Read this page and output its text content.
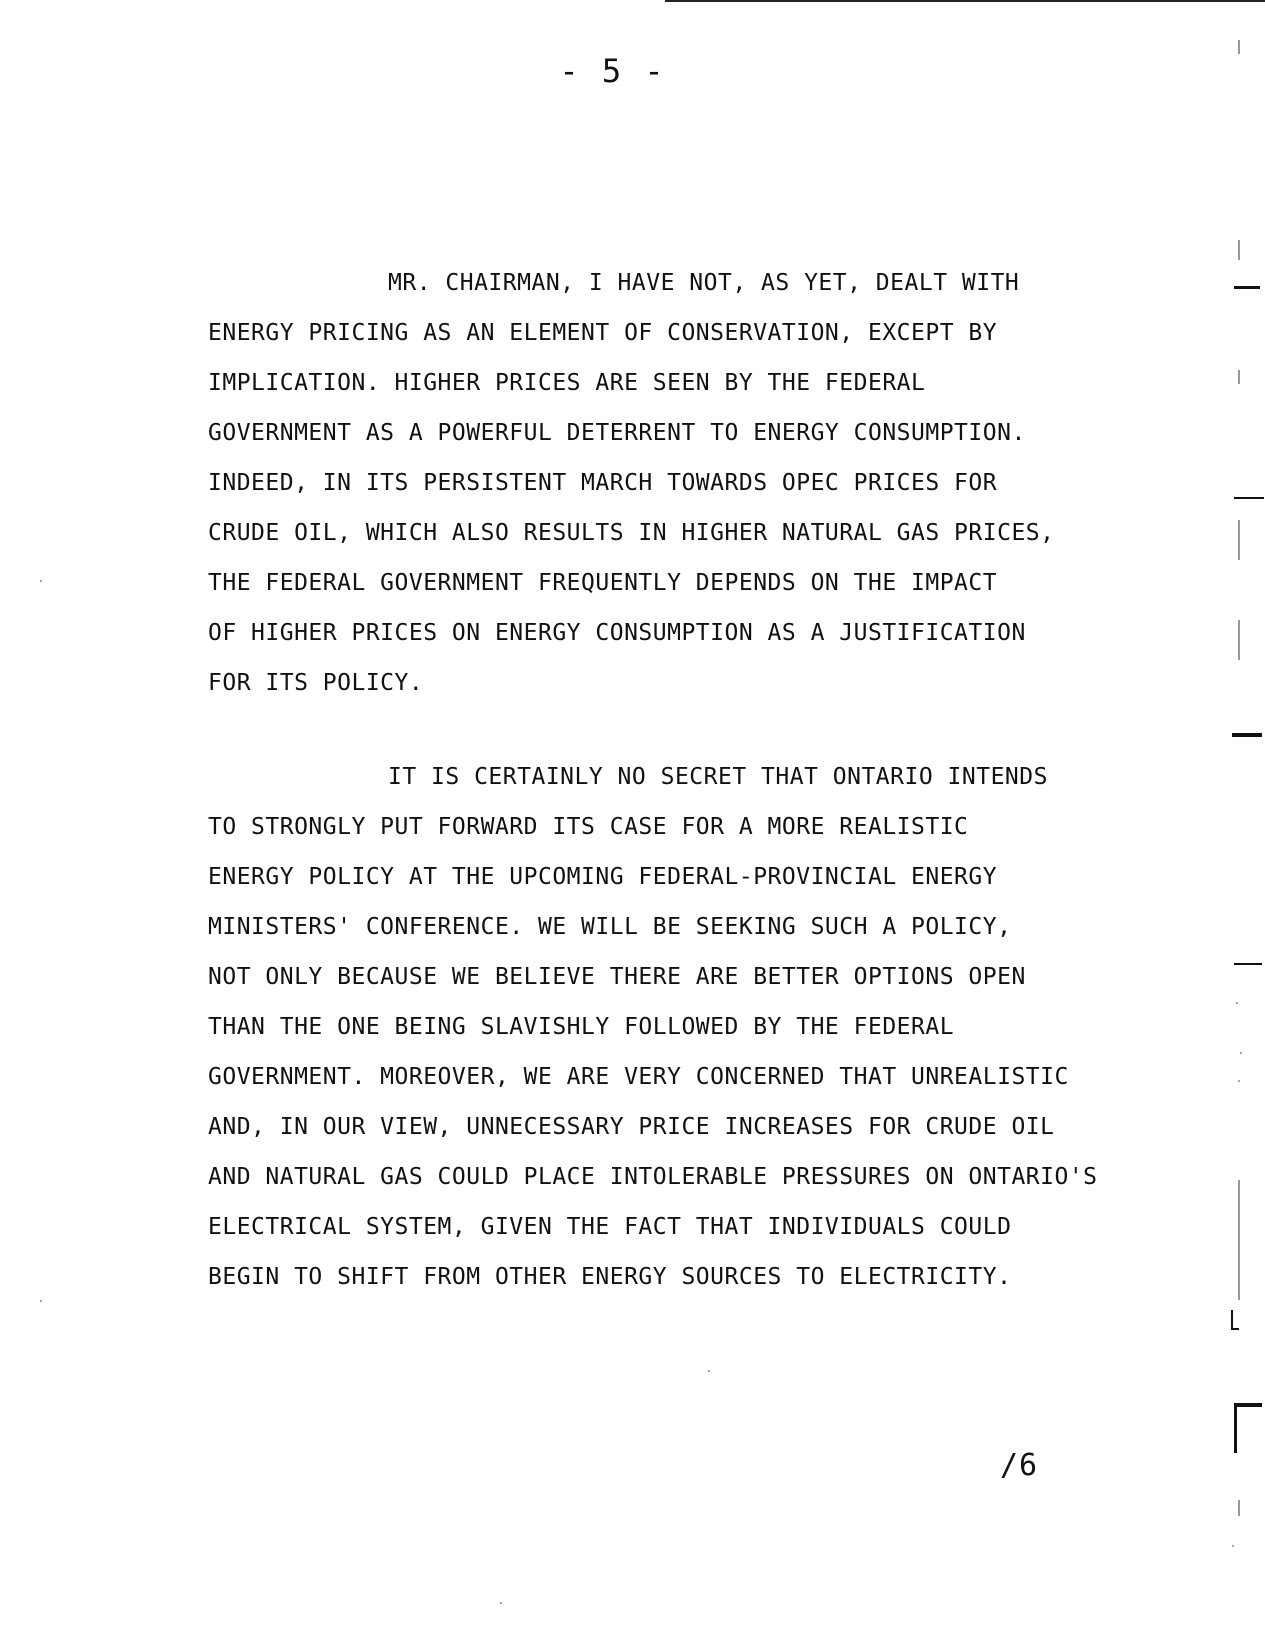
- 5 -
MR. CHAIRMAN, I HAVE NOT, AS YET, DEALT WITH
ENERGY PRICING AS AN ELEMENT OF CONSERVATION, EXCEPT BY
IMPLICATION. HIGHER PRICES ARE SEEN BY THE FEDERAL
GOVERNMENT AS A POWERFUL DETERRENT TO ENERGY CONSUMPTION.
INDEED, IN ITS PERSISTENT MARCH TOWARDS OPEC PRICES FOR
CRUDE OIL, WHICH ALSO RESULTS IN HIGHER NATURAL GAS PRICES,
THE FEDERAL GOVERNMENT FREQUENTLY DEPENDS ON THE IMPACT
OF HIGHER PRICES ON ENERGY CONSUMPTION AS A JUSTIFICATION
FOR ITS POLICY.
IT IS CERTAINLY NO SECRET THAT ONTARIO INTENDS
TO STRONGLY PUT FORWARD ITS CASE FOR A MORE REALISTIC
ENERGY POLICY AT THE UPCOMING FEDERAL-PROVINCIAL ENERGY
MINISTERS' CONFERENCE. WE WILL BE SEEKING SUCH A POLICY,
NOT ONLY BECAUSE WE BELIEVE THERE ARE BETTER OPTIONS OPEN
THAN THE ONE BEING SLAVISHLY FOLLOWED BY THE FEDERAL
GOVERNMENT. MOREOVER, WE ARE VERY CONCERNED THAT UNREALISTIC
AND, IN OUR VIEW, UNNECESSARY PRICE INCREASES FOR CRUDE OIL
AND NATURAL GAS COULD PLACE INTOLERABLE PRESSURES ON ONTARIO'S
ELECTRICAL SYSTEM, GIVEN THE FACT THAT INDIVIDUALS COULD
BEGIN TO SHIFT FROM OTHER ENERGY SOURCES TO ELECTRICITY.
/6
